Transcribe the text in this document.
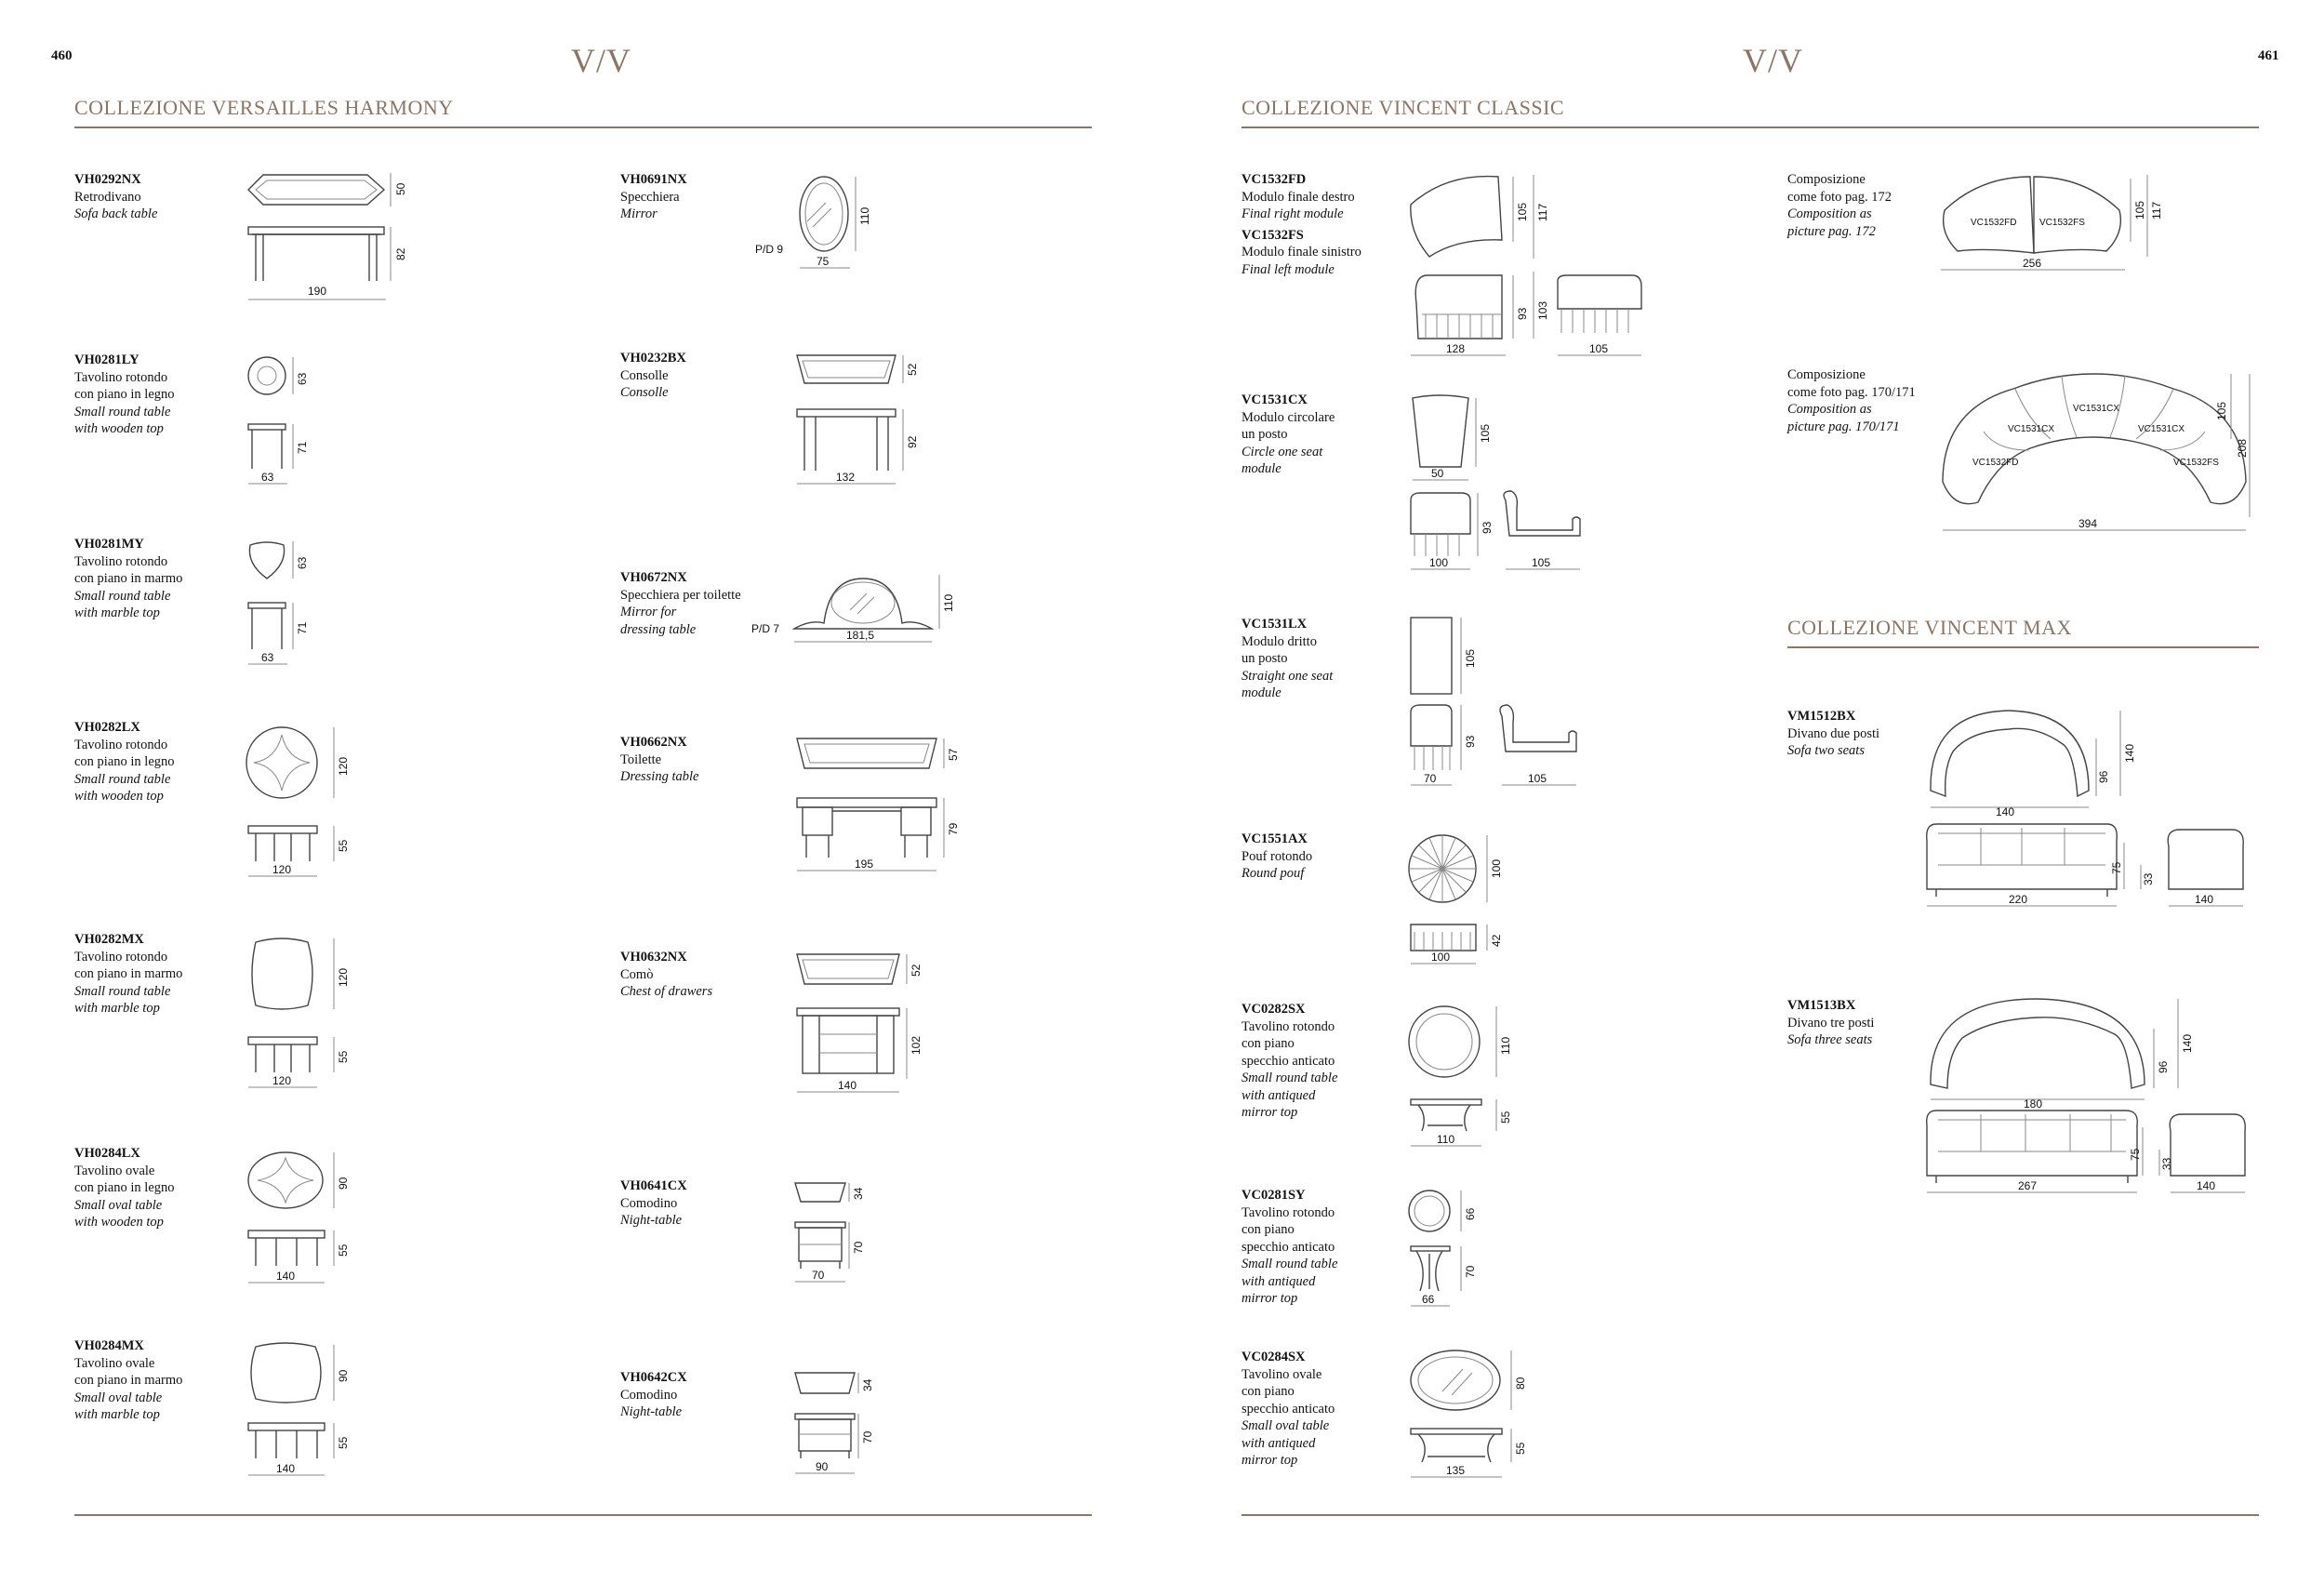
460	461
V/V	V/V
COLLEZIONE VERSAILLES HARMONY	COLLEZIONE VINCENT CLASSIC
COLLEZIONE VINCENT MAX
VH0292NX
Retrodivano
Sofa back table
50
82
190
VH0281LY
Tavolino rotondo
con piano in legno
Small round table
with wooden top
63
71
63
VH0281MY
Tavolino rotondo
con piano in marmo
Small round table
with marble top
63
71
63
VH0282LX
Tavolino rotondo
con piano in legno
Small round table
with wooden top
120
55
120
VH0282MX
Tavolino rotondo
con piano in marmo
Small round table
with marble top
120
55
120
VH0284LX
Tavolino ovale
con piano in legno
Small oval table
with wooden top
90
55
140
VH0284MX
Tavolino ovale
con piano in marmo
Small oval table
with marble top
90
55
140
VH0691NX
Specchiera
Mirror
P/D 9
110
75
VH0232BX
Consolle
Consolle
52
92
132
VH0672NX
Specchiera per toilette
Mirror for
dressing table	P/D 7
110
181,5
VH0662NX
Toilette
Dressing table
57
79
195
VH0632NX
Comò
Chest of drawers
52
102
140
VH0641CX
Comodino
Night-table
34
70
70
VH0642CX
Comodino
Night-table
34
70
90
VC1532FD
Modulo finale destro
Final right module
VC1532FS
Modulo finale sinistro
Final left module
105 117
93 103
128	105
VC1531CX
Modulo circolare
un posto
Circle one seat
module
105
50
93
100	105
VC1531LX
Modulo dritto
un posto
Straight one seat
module
105
93
70	105
VC1551AX
Pouf rotondo
Round pouf	100
42
100
VC0282SX
Tavolino rotondo
con piano
specchio anticato
Small round table
with antiqued
mirror top
110
55
110
VC0281SY
Tavolino rotondo
con piano
specchio anticato
Small round table
with antiqued
mirror top
66
70
66
VC0284SX
Tavolino ovale
con piano
specchio anticato
Small oval table
with antiqued
mirror top
80
55
135
Composizione
come foto pag. 172
Composition as
picture pag. 172
VC1532FD VC1532FS
105 117
256
Composizione
come foto pag. 170/171
Composition as
picture pag. 170/171
VC1532FD
VC1531CX
VC1531CX
VC1531CX
VC1532FS
105
208
394
VM1512BX
Divano due posti
Sofa two seats
96
140
140
75
33
220	140
VM1513BX
Divano tre posti
Sofa three seats
96
140
180
75
33
267	140
